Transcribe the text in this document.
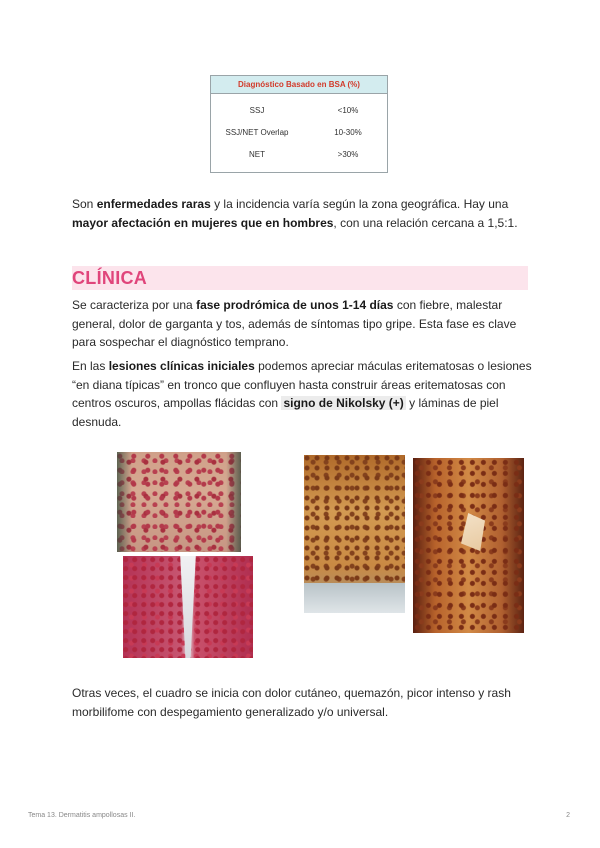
Diagnóstico Basado en BSA (%)
SSJ	<10%
SSJ/NET Overlap	10-30%
NET	>30%

Son enfermedades raras y la incidencia varía según la zona geográfica. Hay una mayor afectación en mujeres que en hombres, con una relación cercana a 1,5:1.

CLÍNICA

Se caracteriza por una fase prodrómica de unos 1-14 días con fiebre, malestar general, dolor de garganta y tos, además de síntomas tipo gripe. Esta fase es clave para sospechar el diagnóstico temprano.

En las lesiones clínicas iniciales podemos apreciar máculas eritematosas o lesiones “en diana típicas” en tronco que confluyen hasta construir áreas eritematosas con centros oscuros, ampollas flácidas con signo de Nikolsky (+) y láminas de piel desnuda.

Otras veces, el cuadro se inicia con dolor cutáneo, quemazón, picor intenso y rash morbilifome con despegamiento generalizado y/o universal.

Tema 13. Dermatitis ampollosas II.	2
